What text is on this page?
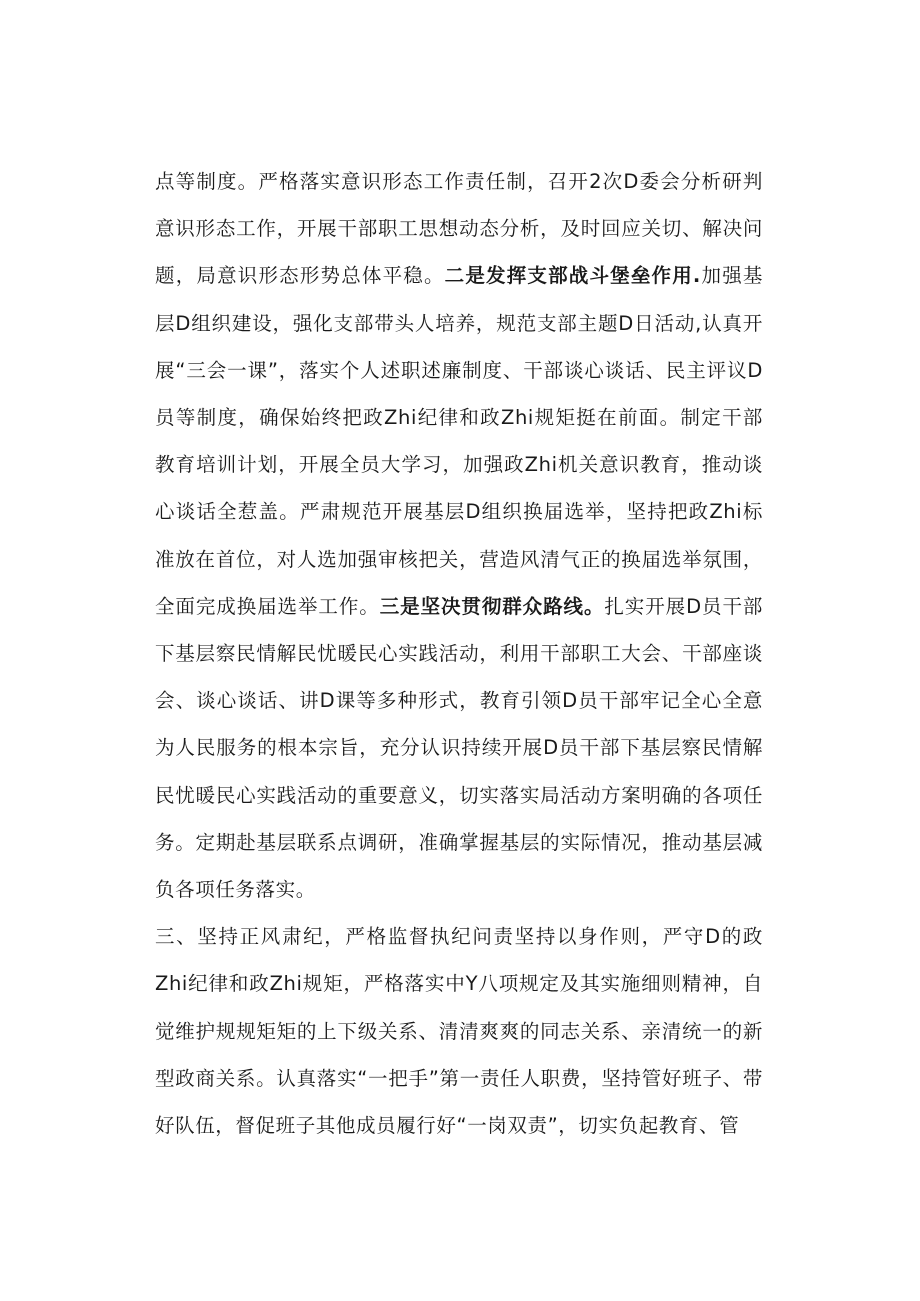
点等制度。严格落实意识形态工作责任制，召开2次D委会分析研判意识形态工作，开展干部职工思想动态分析，及时回应关切、解决问题，局意识形态形势总体平稳。二是发挥支部战斗堡垒作用.加强基层D组织建设，强化支部带头人培养，规范支部主题D日活动,认真开展“三会一课”，落实个人述职述廉制度、干部谈心谈话、民主评议D员等制度，确保始终把政Zhi纪律和政Zhi规矩挺在前面。制定干部教育培训计划，开展全员大学习，加强政Zhi机关意识教育，推动谈心谈话全惹盖。严肃规范开展基层D组织换届选举，坚持把政Zhi标准放在首位，对人选加强审核把关，营造风清气正的换届选举氛围，全面完成换届选举工作。三是坚决贯彻群众路线。扎实开展D员干部下基层察民情解民忧暖民心实践活动，利用干部职工大会、干部座谈会、谈心谈话、讲D课等多种形式，教育引领D员干部牢记全心全意为人民服务的根本宗旨，充分认识持续开展D员干部下基层察民情解民忧暖民心实践活动的重要意义，切实落实局活动方案明确的各项任务。定期赴基层联系点调研，准确掌握基层的实际情况，推动基层减负各项任务落实。

三、坚持正风肃纪，严格监督执纪问责坚持以身作则，严守D的政Zhi纪律和政Zhi规矩，严格落实中Y八项规定及其实施细则精神，自觉维护规规矩矩的上下级关系、清清爽爽的同志关系、亲清统一的新型政商关系。认真落实“一把手”第一责任人职费，坚持管好班子、带好队伍，督促班子其他成员履行好“一岗双责”，切实负起教育、管
